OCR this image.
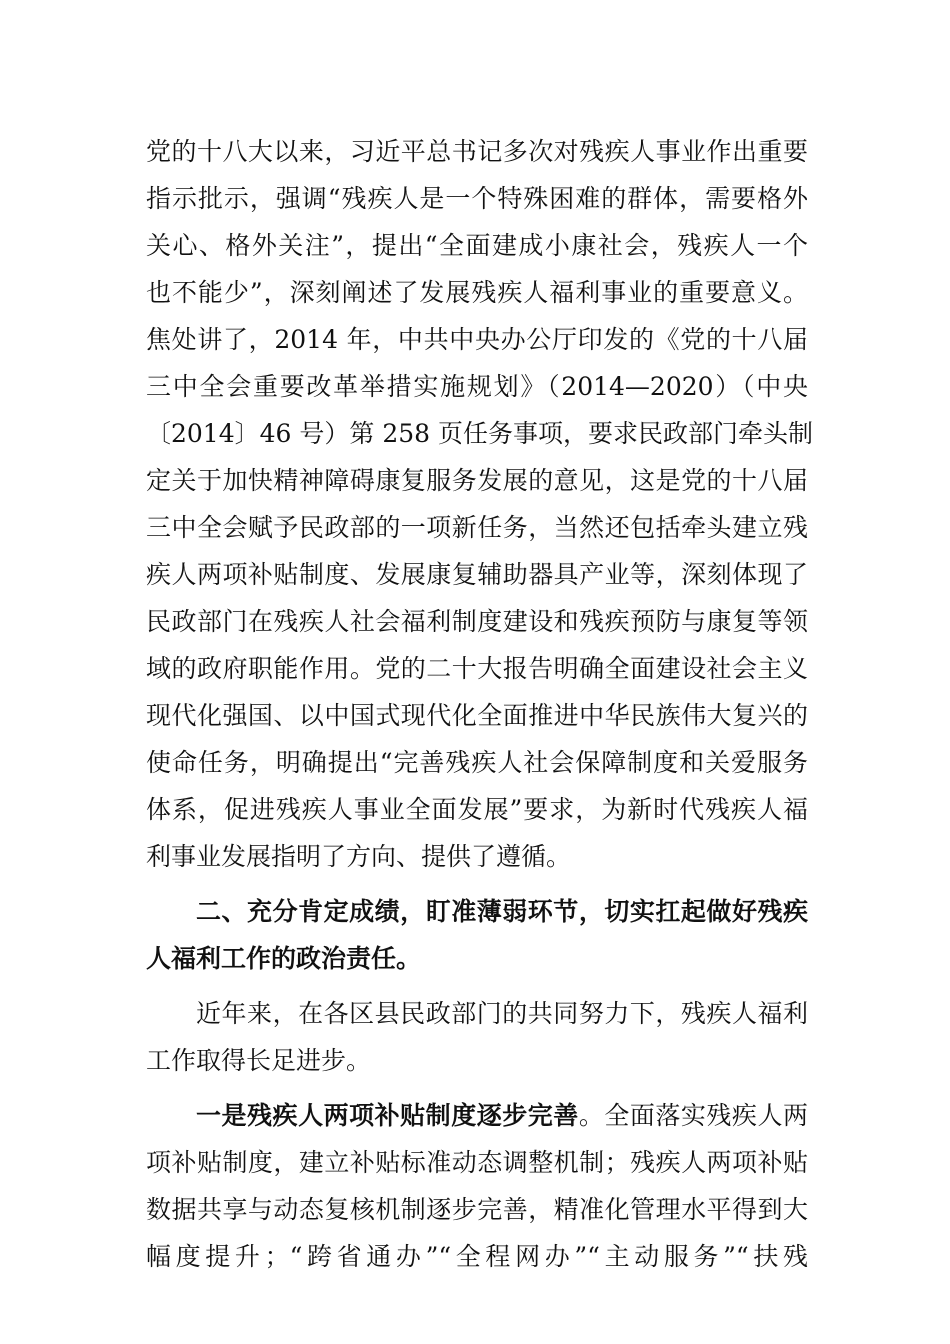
党的十八大以来，习近平总书记多次对残疾人事业作出重要
指示批示，强调“残疾人是一个特殊困难的群体，需要格外
关心、格外关注”，提出“全面建成小康社会，残疾人一个
也不能少”，深刻阐述了发展残疾人福利事业的重要意义。
焦处讲了，2014 年，中共中央办公厅印发的《党的十八届
三中全会重要改革举措实施规划》（2014—2020）（中央
〔2014〕46 号）第 258 页任务事项，要求民政部门牵头制
定关于加快精神障碍康复服务发展的意见，这是党的十八届
三中全会赋予民政部的一项新任务，当然还包括牵头建立残
疾人两项补贴制度、发展康复辅助器具产业等，深刻体现了
民政部门在残疾人社会福利制度建设和残疾预防与康复等领
域的政府职能作用。党的二十大报告明确全面建设社会主义
现代化强国、以中国式现代化全面推进中华民族伟大复兴的
使命任务，明确提出“完善残疾人社会保障制度和关爱服务
体系，促进残疾人事业全面发展”要求，为新时代残疾人福
利事业发展指明了方向、提供了遵循。
二、充分肯定成绩，盯准薄弱环节，切实扛起做好残疾
人福利工作的政治责任。
近年来，在各区县民政部门的共同努力下，残疾人福利
工作取得长足进步。
一是残疾人两项补贴制度逐步完善。全面落实残疾人两
项补贴制度，建立补贴标准动态调整机制；残疾人两项补贴
数据共享与动态复核机制逐步完善，精准化管理水平得到大
幅度提升；“跨省通办”“全程网办”“主动服务”“扶残
